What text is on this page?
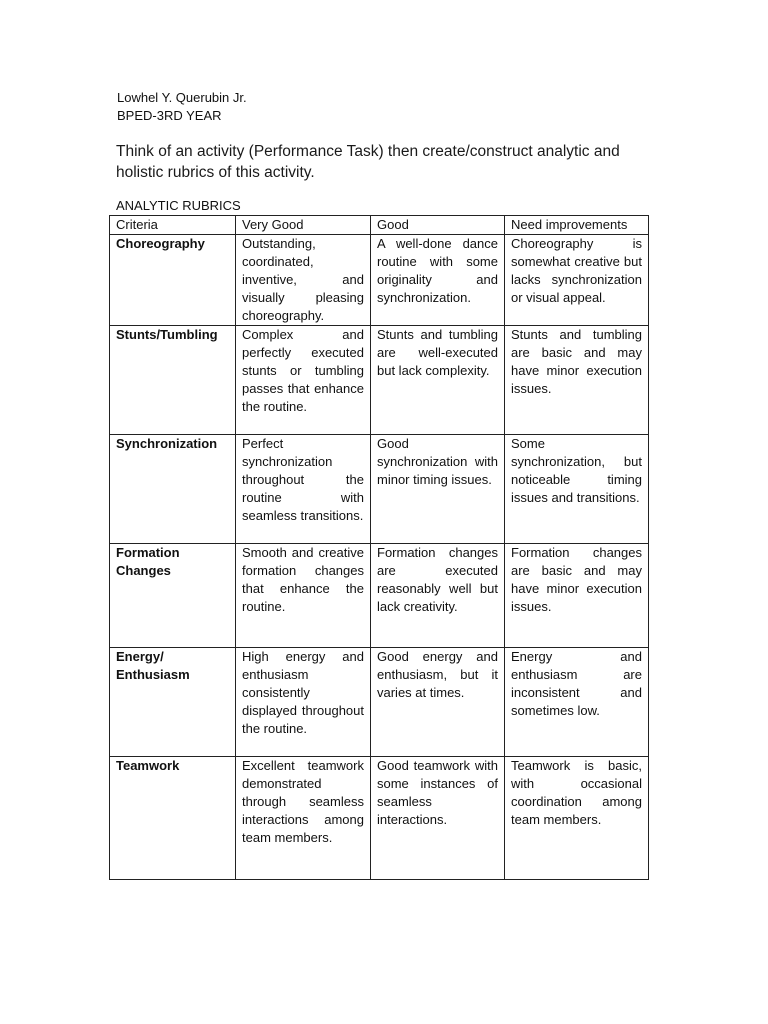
Lowhel Y. Querubin Jr.
BPED-3RD YEAR
Think of an activity (Performance Task) then create/construct analytic and holistic rubrics of this activity.
ANALYTIC RUBRICS
Criteria	Very Good	Good	Need improvements
Choreography	Outstanding, coordinated, inventive, and visually pleasing choreography.	A well-done dance routine with some originality and synchronization.	Choreography is somewhat creative but lacks synchronization or visual appeal.
Stunts/Tumbling	Complex and perfectly executed stunts or tumbling passes that enhance the routine.	Stunts and tumbling are well-executed but lack complexity.	Stunts and tumbling are basic and may have minor execution issues.
Synchronization	Perfect synchronization throughout the routine with seamless transitions.	Good synchronization with minor timing issues.	Some synchronization, but noticeable timing issues and transitions.
Formation Changes	Smooth and creative formation changes that enhance the routine.	Formation changes are executed reasonably well but lack creativity.	Formation changes are basic and may have minor execution issues.
Energy/ Enthusiasm	High energy and enthusiasm consistently displayed throughout the routine.	Good energy and enthusiasm, but it varies at times.	Energy and enthusiasm are inconsistent and sometimes low.
Teamwork	Excellent teamwork demonstrated through seamless interactions among team members.	Good teamwork with some instances of seamless interactions.	Teamwork is basic, with occasional coordination among team members.
